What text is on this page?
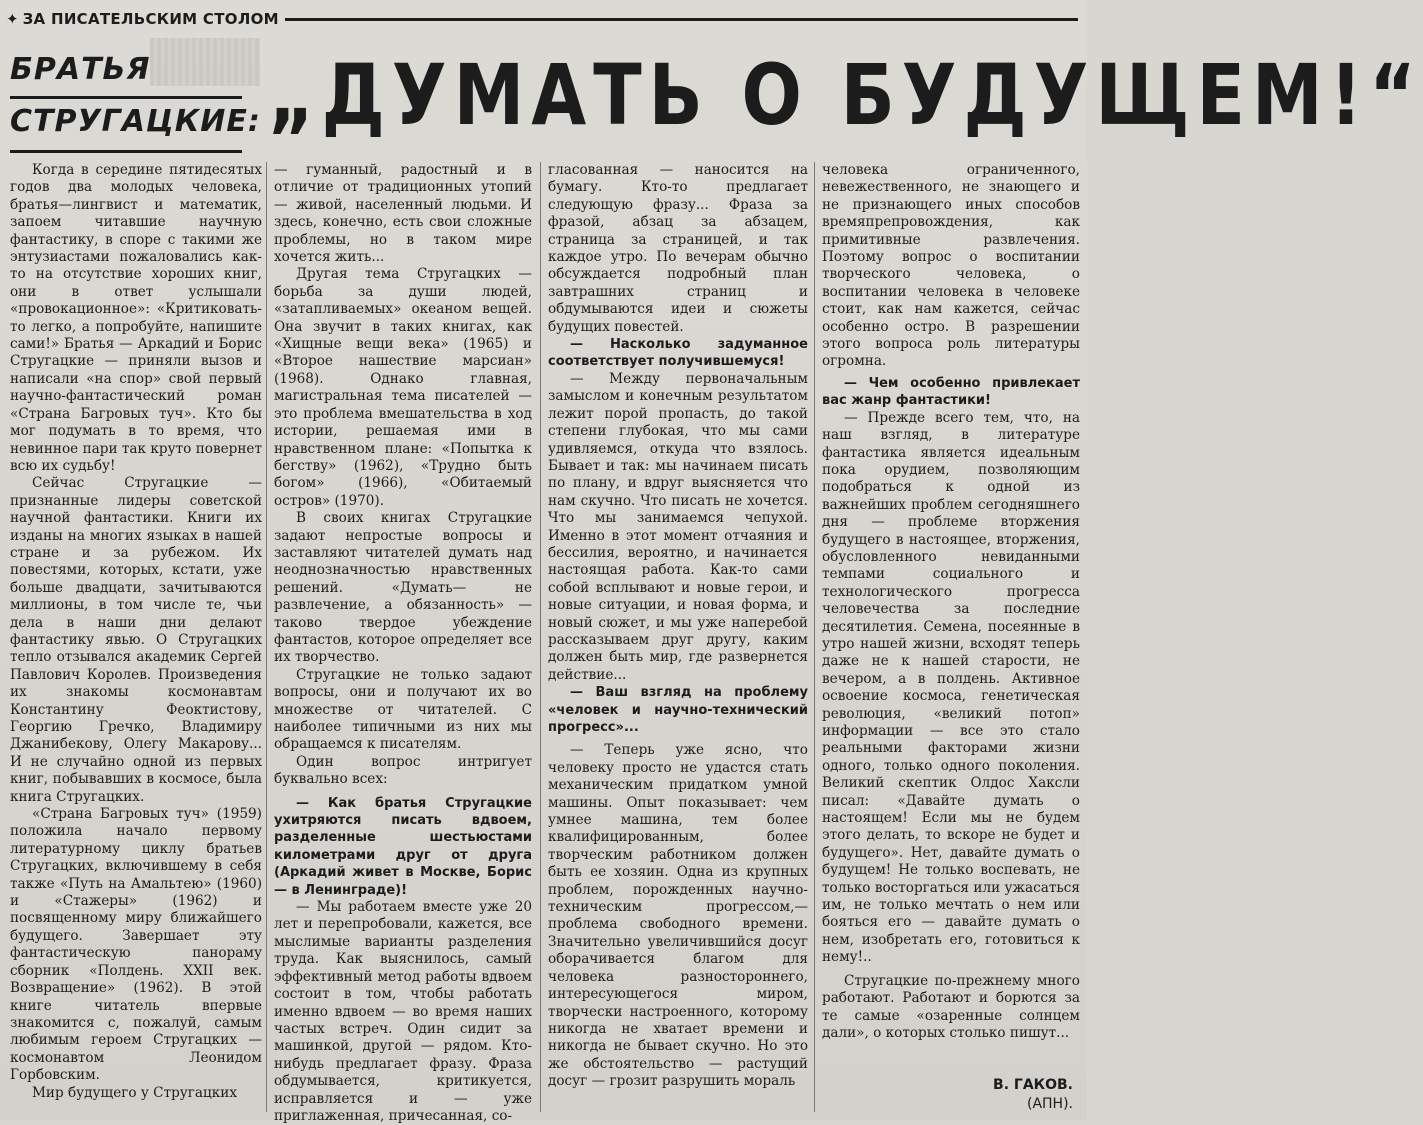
✦ ЗА ПИСАТЕЛЬСКИМ СТОЛОМ
БРАТЬЯ
СТРУГАЦКИЕ: „ДУМАТЬ О БУДУЩЕМ!“

Когда в середине пятидесятых годов два молодых человека, братья—лингвист и математик, запоем читавшие научную фантастику, в споре с такими же энтузиастами пожаловались как-то на отсутствие хороших книг, они в ответ услышали «провокационное»: «Критиковать-то легко, а попробуйте, напишите сами!» Братья — Аркадий и Борис Стругацкие — приняли вызов и написали «на спор» свой первый научно-фантастический роман «Страна Багровых туч». Кто бы мог подумать в то время, что невинное пари так круто повернет всю их судьбу!

Сейчас Стругацкие — признанные лидеры советской научной фантастики. Книги их изданы на многих языках в нашей стране и за рубежом. Их повестями, которых, кстати, уже больше двадцати, зачитываются миллионы, в том числе те, чьи дела в наши дни делают фантастику явью. О Стругацких тепло отзывался академик Сергей Павлович Королев. Произведения их знакомы космонавтам Константину Феоктистову, Георгию Гречко, Владимиру Джанибекову, Олегу Макарову... И не случайно одной из первых книг, побывавших в космосе, была книга Стругацких.

«Страна Багровых туч» (1959) положила начало первому литературному циклу братьев Стругацких, включившему в себя также «Путь на Амальтею» (1960) и «Стажеры» (1962) и посвященному миру ближайшего будущего. Завершает эту фантастическую панораму сборник «Полдень. XXII век. Возвращение» (1962). В этой книге читатель впервые знакомится с, пожалуй, самым любимым героем Стругацких — космонавтом Леонидом Горбовским.

Мир будущего у Стругацких

— гуманный, радостный и в отличие от традиционных утопий — живой, населенный людьми. И здесь, конечно, есть свои сложные проблемы, но в таком мире хочется жить...

Другая тема Стругацких — борьба за души людей, «затапливаемых» океаном вещей. Она звучит в таких книгах, как «Хищные вещи века» (1965) и «Второе нашествие марсиан» (1968). Однако главная, магистральная тема писателей — это проблема вмешательства в ход истории, решаемая ими в нравственном плане: «Попытка к бегству» (1962), «Трудно быть богом» (1966), «Обитаемый остров» (1970).

В своих книгах Стругацкие задают непростые вопросы и заставляют читателей думать над неоднозначностью нравственных решений. «Думать— не развлечение, а обязанность» — таково твердое убеждение фантастов, которое определяет все их творчество.

Стругацкие не только задают вопросы, они и получают их во множестве от читателей. С наиболее типичными из них мы обращаемся к писателям.

Один вопрос интригует буквально всех:

— Как братья Стругацкие ухитряются писать вдвоем, разделенные шестьюстами километрами друг от друга (Аркадий живет в Москве, Борис — в Ленинграде)!

— Мы работаем вместе уже 20 лет и перепробовали, кажется, все мыслимые варианты разделения труда. Как выяснилось, самый эффективный метод работы вдвоем состоит в том, чтобы работать именно вдвоем — во время наших частых встреч. Один сидит за машинкой, другой — рядом. Кто-нибудь предлагает фразу. Фраза обдумывается, критикуется, исправляется и — уже приглаженная, причесанная, со-

гласованная — наносится на бумагу. Кто-то предлагает следующую фразу... Фраза за фразой, абзац за абзацем, страница за страницей, и так каждое утро. По вечерам обычно обсуждается подробный план завтрашних страниц и обдумываются идеи и сюжеты будущих повестей.

— Насколько задуманное соответствует получившемуся!

— Между первоначальным замыслом и конечным результатом лежит порой пропасть, до такой степени глубокая, что мы сами удивляемся, откуда что взялось. Бывает и так: мы начинаем писать по плану, и вдруг выясняется что нам скучно. Что писать не хочется. Что мы занимаемся чепухой. Именно в этот момент отчаяния и бессилия, вероятно, и начинается настоящая работа. Как-то сами собой всплывают и новые герои, и новые ситуации, и новая форма, и новый сюжет, и мы уже наперебой рассказываем друг другу, каким должен быть мир, где развернется действие...

— Ваш взгляд на проблему «человек и научно-технический прогресс»...

— Теперь уже ясно, что человеку просто не удастся стать механическим придатком умной машины. Опыт показывает: чем умнее машина, тем более квалифицированным, более творческим работником должен быть ее хозяин. Одна из крупных проблем, порожденных научно-техническим прогрессом,— проблема свободного времени. Значительно увеличившийся досуг оборачивается благом для человека разностороннего, интересующегося миром, творчески настроенного, которому никогда не хватает времени и никогда не бывает скучно. Но это же обстоятельство — растущий досуг — грозит разрушить мораль

человека ограниченного, невежественного, не знающего и не признающего иных способов времяпрепровождения, как примитивные развлечения. Поэтому вопрос о воспитании творческого человека, о воспитании человека в человеке стоит, как нам кажется, сейчас особенно остро. В разрешении этого вопроса роль литературы огромна.

— Чем особенно привлекает вас жанр фантастики!

— Прежде всего тем, что, на наш взгляд, в литературе фантастика является идеальным пока орудием, позволяющим подобраться к одной из важнейших проблем сегодняшнего дня — проблеме вторжения будущего в настоящее, вторжения, обусловленного невиданными темпами социального и технологического прогресса человечества за последние десятилетия. Семена, посеянные в утро нашей жизни, всходят теперь даже не к нашей старости, не вечером, а в полдень. Активное освоение космоса, генетическая революция, «великий потоп» информации — все это стало реальными факторами жизни одного, только одного поколения. Великий скептик Олдос Хаксли писал: «Давайте думать о настоящем! Если мы не будем этого делать, то вскоре не будет и будущего». Нет, давайте думать о будущем! Не только воспевать, не только восторгаться или ужасаться им, не только мечтать о нем или бояться его — давайте думать о нем, изобретать его, готовиться к нему!..

Стругацкие по-прежнему много работают. Работают и борются за те самые «озаренные солнцем дали», о которых столько пишут...

В. ГАКОВ.
(АПН).
